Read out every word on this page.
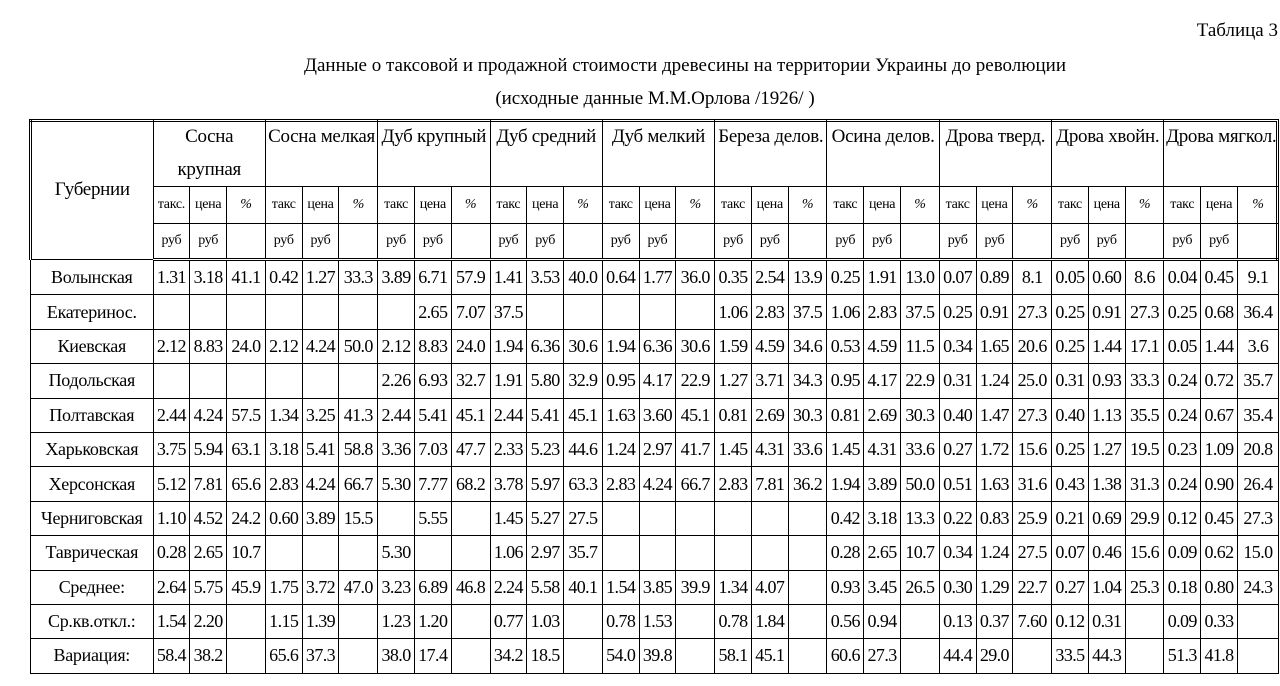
Таблица 3
Данные о таксовой и продажной стоимости древесины на территории Украины до революции
(исходные данные М.М.Орлова /1926/ )
Губернии	Сосна крупная			Сосна мелкая			Дуб крупный			Дуб средний			Дуб мелкий			Береза делов.			Осина делов.			Дрова тверд.			Дрова хвойн.			Дрова мягкол.		
	такс.	цена	%	такс	цена	%	такс	цена	%	такс	цена	%	такс	цена	%	такс	цена	%	такс	цена	%	такс	цена	%	такс	цена	%	такс	цена	%
	руб	руб		руб	руб		руб	руб		руб	руб		руб	руб		руб	руб		руб	руб		руб	руб		руб	руб		руб	руб	
Волынская	1.31	3.18	41.1	0.42	1.27	33.3	3.89	6.71	57.9	1.41	3.53	40.0	0.64	1.77	36.0	0.35	2.54	13.9	0.25	1.91	13.0	0.07	0.89	8.1	0.05	0.60	8.6	0.04	0.45	9.1
Екатеринос.								2.65	7.07	37.5						1.06	2.83	37.5	1.06	2.83	37.5	0.25	0.91	27.3	0.25	0.91	27.3	0.25	0.68	36.4
Киевская	2.12	8.83	24.0	2.12	4.24	50.0	2.12	8.83	24.0	1.94	6.36	30.6	1.94	6.36	30.6	1.59	4.59	34.6	0.53	4.59	11.5	0.34	1.65	20.6	0.25	1.44	17.1	0.05	1.44	3.6
Подольская							2.26	6.93	32.7	1.91	5.80	32.9	0.95	4.17	22.9	1.27	3.71	34.3	0.95	4.17	22.9	0.31	1.24	25.0	0.31	0.93	33.3	0.24	0.72	35.7
Полтавская	2.44	4.24	57.5	1.34	3.25	41.3	2.44	5.41	45.1	2.44	5.41	45.1	1.63	3.60	45.1	0.81	2.69	30.3	0.81	2.69	30.3	0.40	1.47	27.3	0.40	1.13	35.5	0.24	0.67	35.4
Харьковская	3.75	5.94	63.1	3.18	5.41	58.8	3.36	7.03	47.7	2.33	5.23	44.6	1.24	2.97	41.7	1.45	4.31	33.6	1.45	4.31	33.6	0.27	1.72	15.6	0.25	1.27	19.5	0.23	1.09	20.8
Херсонская	5.12	7.81	65.6	2.83	4.24	66.7	5.30	7.77	68.2	3.78	5.97	63.3	2.83	4.24	66.7	2.83	7.81	36.2	1.94	3.89	50.0	0.51	1.63	31.6	0.43	1.38	31.3	0.24	0.90	26.4
Черниговская	1.10	4.52	24.2	0.60	3.89	15.5		5.55		1.45	5.27	27.5							0.42	3.18	13.3	0.22	0.83	25.9	0.21	0.69	29.9	0.12	0.45	27.3
Таврическая	0.28	2.65	10.7				5.30			1.06	2.97	35.7							0.28	2.65	10.7	0.34	1.24	27.5	0.07	0.46	15.6	0.09	0.62	15.0
Среднее:	2.64	5.75	45.9	1.75	3.72	47.0	3.23	6.89	46.8	2.24	5.58	40.1	1.54	3.85	39.9	1.34	4.07		0.93	3.45	26.5	0.30	1.29	22.7	0.27	1.04	25.3	0.18	0.80	24.3
Ср.кв.откл.:	1.54	2.20		1.15	1.39		1.23	1.20		0.77	1.03		0.78	1.53		0.78	1.84		0.56	0.94		0.13	0.37	7.60	0.12	0.31		0.09	0.33	
Вариация:	58.4	38.2		65.6	37.3		38.0	17.4		34.2	18.5		54.0	39.8		58.1	45.1		60.6	27.3		44.4	29.0		33.5	44.3		51.3	41.8	
